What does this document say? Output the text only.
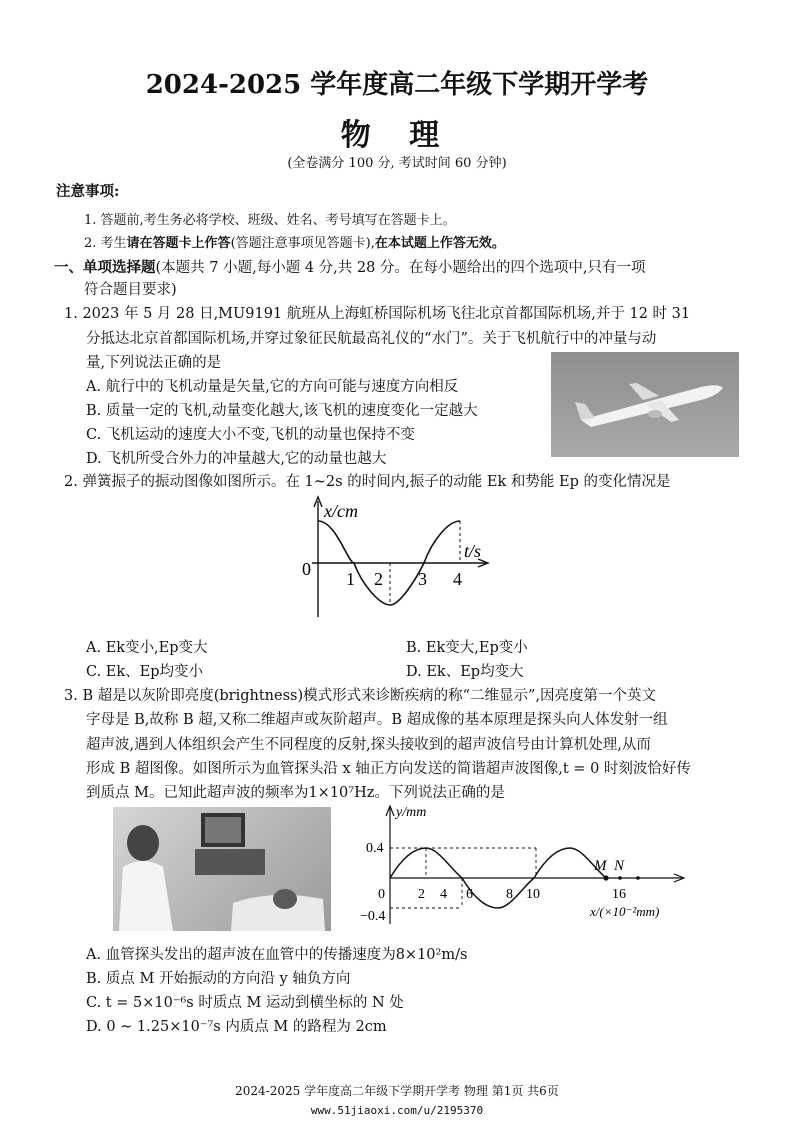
2024-2025 学年度高二年级下学期开学考
物 理
(全卷满分 100 分, 考试时间 60 分钟)
注意事项:
1. 答题前,考生务必将学校、班级、姓名、考号填写在答题卡上。
2. 考生请在答题卡上作答(答题注意事项见答题卡),在本试题上作答无效。
一、单项选择题(本题共 7 小题,每小题 4 分,共 28 分。在每小题给出的四个选项中,只有一项
符合题目要求)
1. 2023 年 5 月 28 日,MU9191 航班从上海虹桥国际机场飞往北京首都国际机场,并于 12 时 31
分抵达北京首都国际机场,并穿过象征民航最高礼仪的“水门”。关于飞机航行中的冲量与动
量,下列说法正确的是
A. 航行中的飞机动量是矢量,它的方向可能与速度方向相反
B. 质量一定的飞机,动量变化越大,该飞机的速度变化一定越大
C. 飞机运动的速度大小不变,飞机的动量也保持不变
D. 飞机所受合外力的冲量越大,它的动量也越大
2. 弹簧振子的振动图像如图所示。在 1~2s 的时间内,振子的动能 Ek 和势能 Ep 的变化情况是
x/cm
t/s
0 1 2 3 4
A. Ek变小,Ep变大	B. Ek变大,Ep变小
C. Ek、Ep均变小	D. Ek、Ep均变大
3. B 超是以灰阶即亮度(brightness)模式形式来诊断疾病的称“二维显示”,因亮度第一个英文
字母是 B,故称 B 超,又称二维超声或灰阶超声。B 超成像的基本原理是探头向人体发射一组
超声波,遇到人体组织会产生不同程度的反射,探头接收到的超声波信号由计算机处理,从而
形成 B 超图像。如图所示为血管探头沿 x 轴正方向发送的简谐超声波图像,t = 0 时刻波恰好传
到质点 M。已知此超声波的频率为1×10⁷Hz。下列说法正确的是
y/mm
0.4
−0.4
0 2 4 6 8 10	16
M N
x/(×10⁻²mm)
A. 血管探头发出的超声波在血管中的传播速度为8×10²m/s
B. 质点 M 开始振动的方向沿 y 轴负方向
C. t = 5×10⁻⁶s 时质点 M 运动到横坐标的 N 处
D. 0 ~ 1.25×10⁻⁷s 内质点 M 的路程为 2cm
2024-2025 学年度高二年级下学期开学考 物理 第1页 共6页
www.51jiaoxi.com/u/2195370
